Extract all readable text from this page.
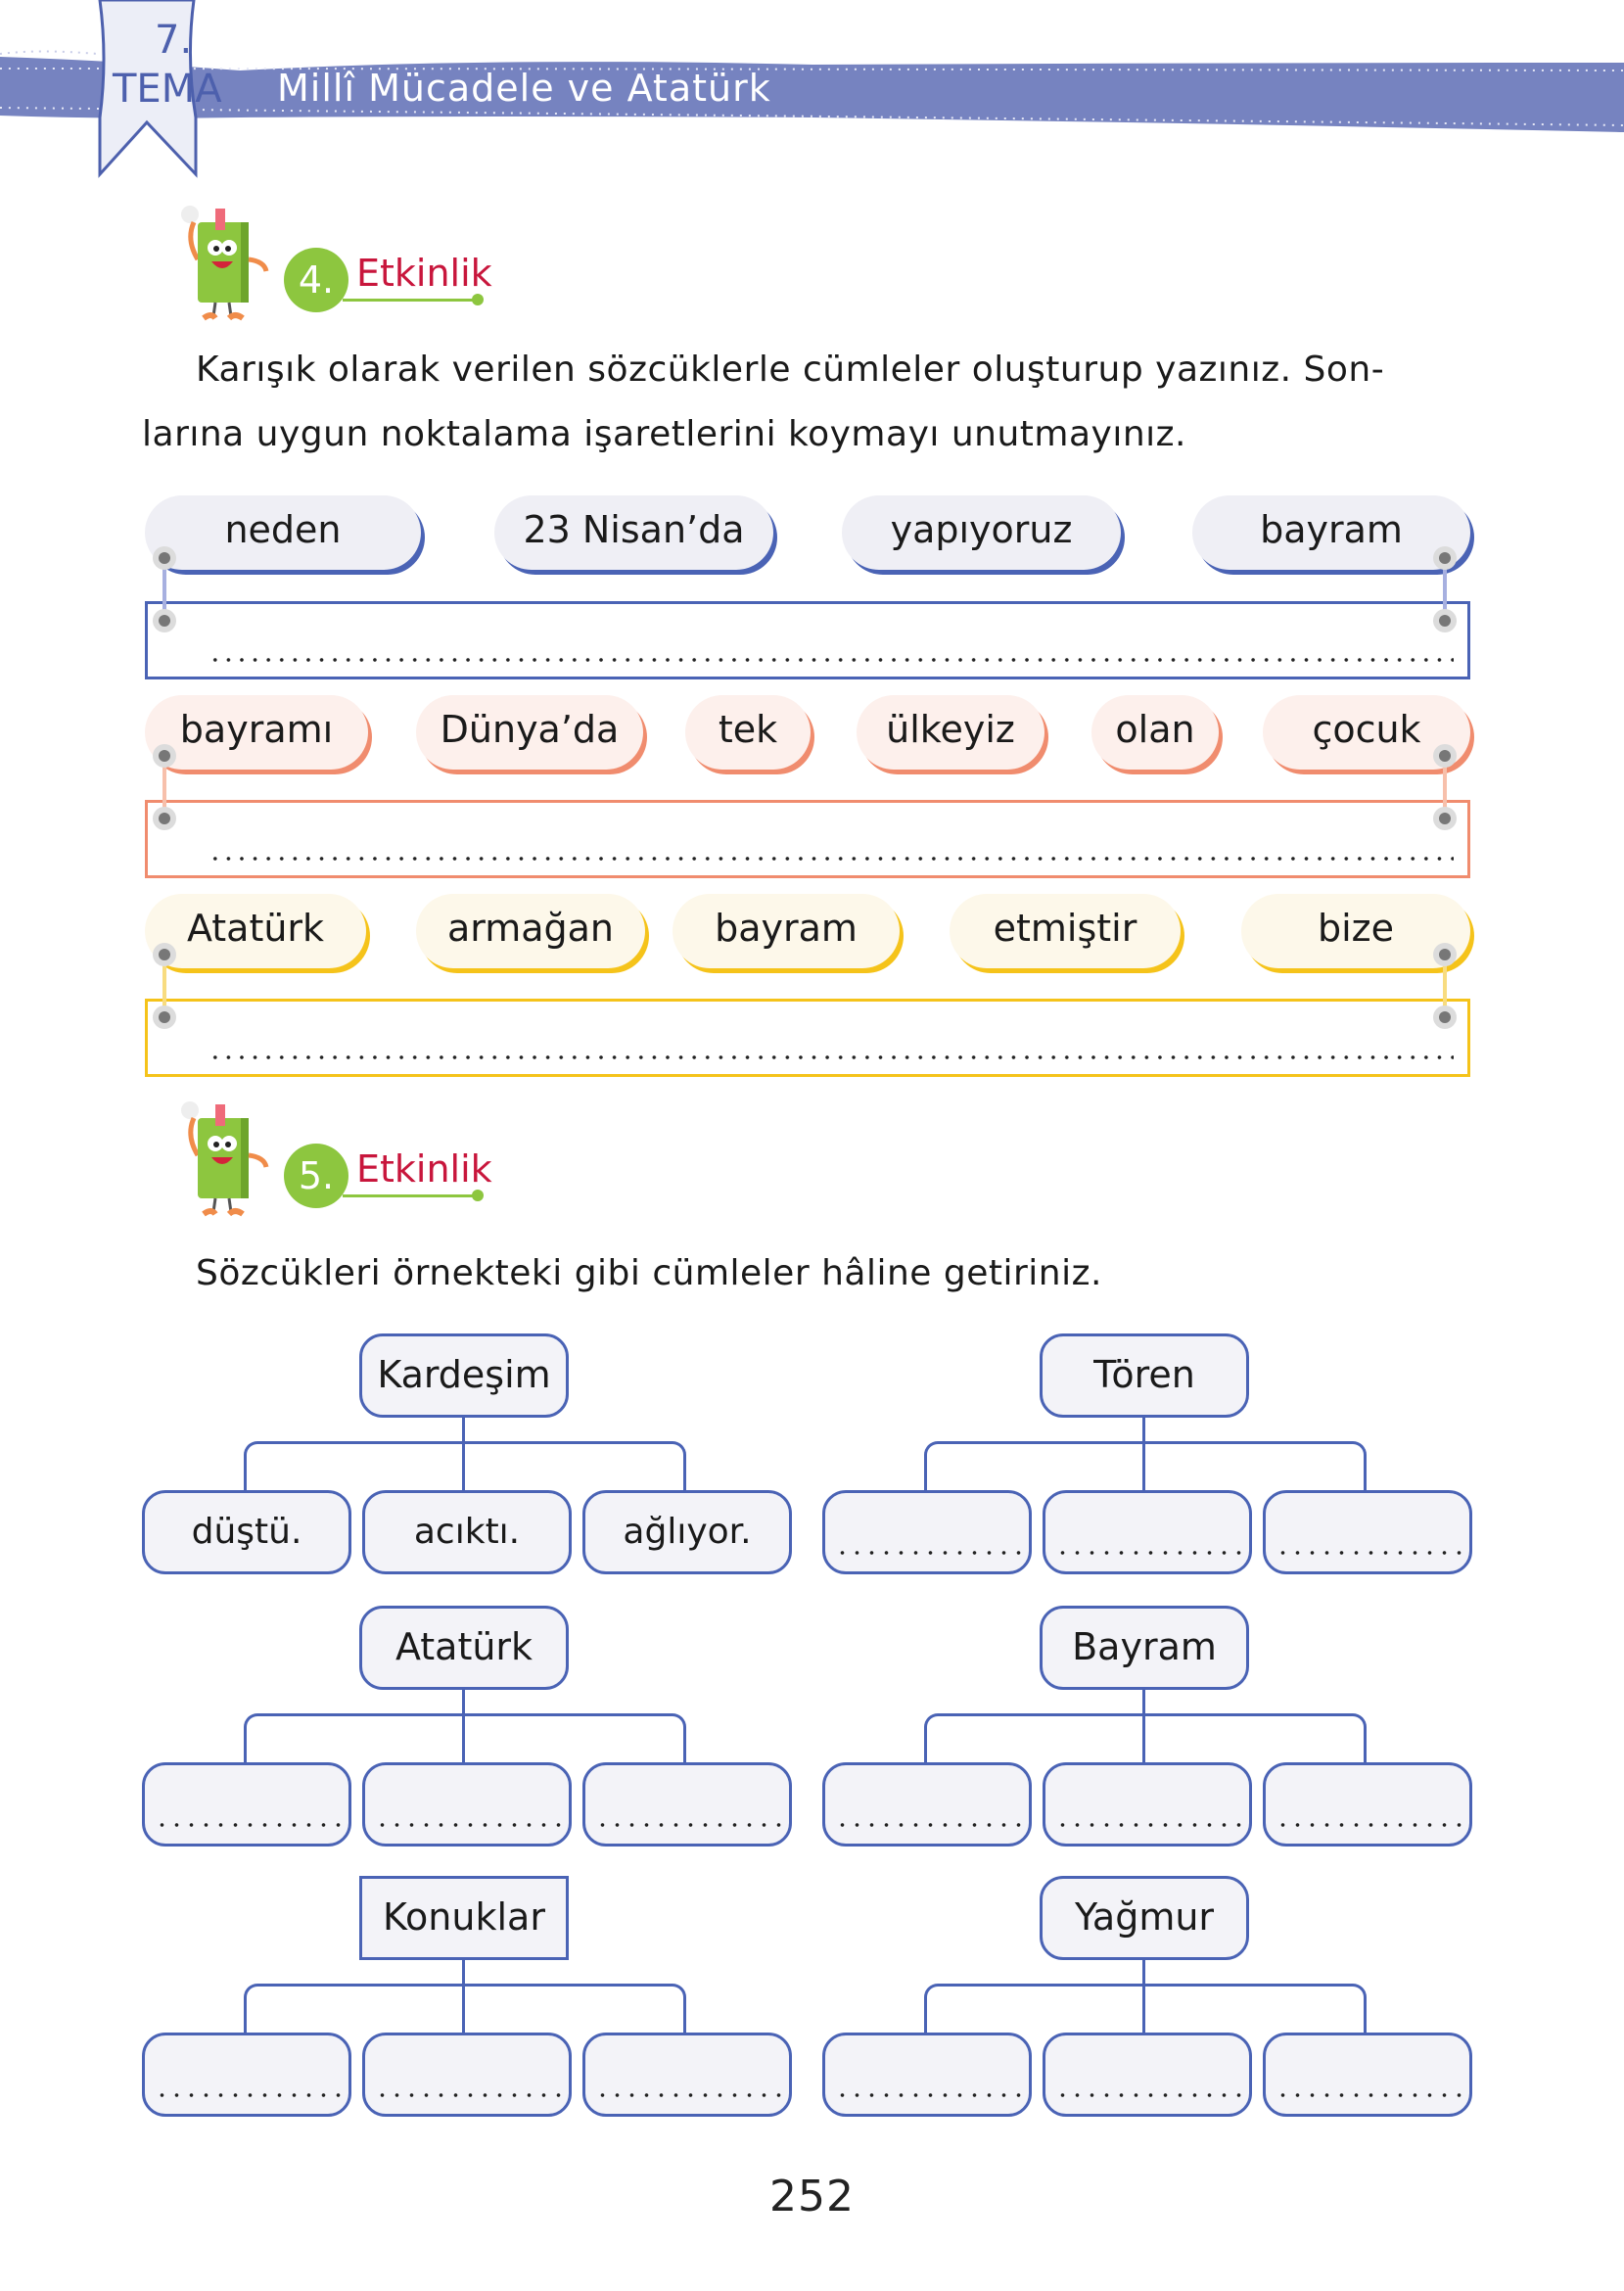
7.
TEMA Millî Mücadele ve Atatürk
4. Etkinlik
Karışık olarak verilen sözcüklerle cümleler oluşturup yazınız. Son-
larına uygun noktalama işaretlerini koymayı unutmayınız.
neden	23 Nisan’da	yapıyoruz	bayram
bayramı	Dünya’da	tek	ülkeyiz	olan	çocuk
Atatürk	armağan	bayram	etmiştir	bize
5. Etkinlik
Sözcükleri örnekteki gibi cümleler hâline getiriniz.
Kardeşim
düştü.	acıktı.	ağlıyor.
Tören
Atatürk	Bayram
Konuklar	Yağmur
252
